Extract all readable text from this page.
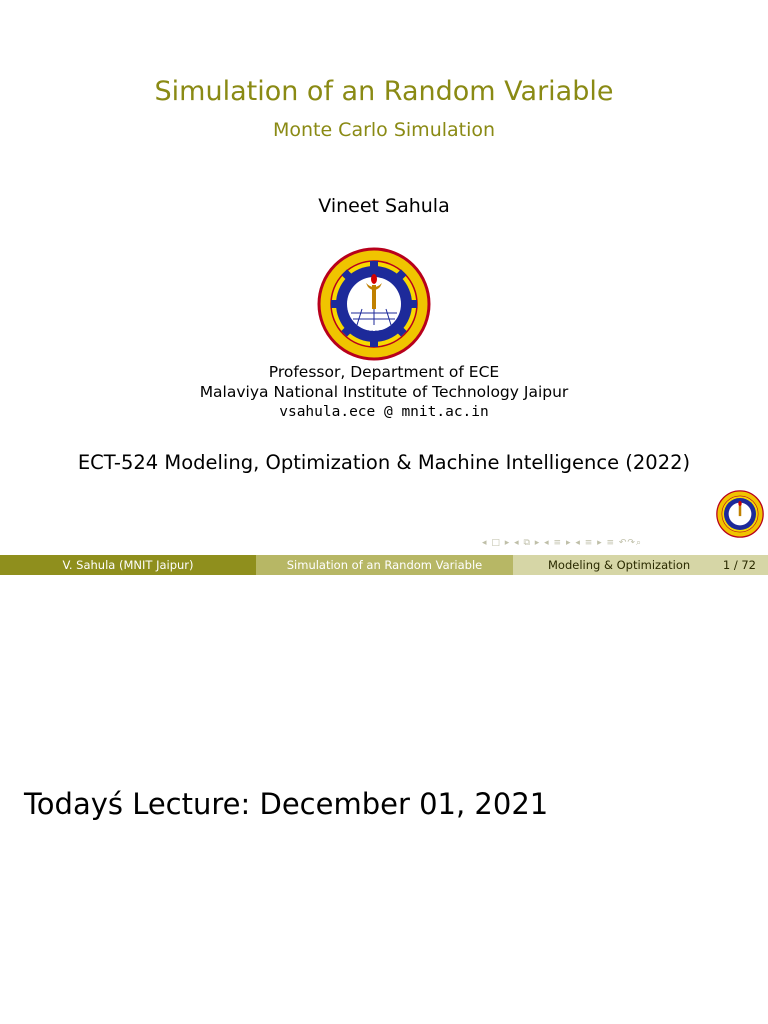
Simulation of an Random Variable
Monte Carlo Simulation
Vineet Sahula
· · · ·
Professor, Department of ECE
Malaviya National Institute of Technology Jaipur
vsahula.ece @ mnit.ac.in
ECT-524 Modeling, Optimization & Machine Intelligence (2022)
◂ □ ▸ ◂ ⧉ ▸ ◂ ≡ ▸ ◂ ≡ ▸ ≡ ↶↷⌕
V. Sahula (MNIT Jaipur)	Simulation of an Random Variable	Modeling & Optimization	1 / 72
Todayś Lecture: December 01, 2021
